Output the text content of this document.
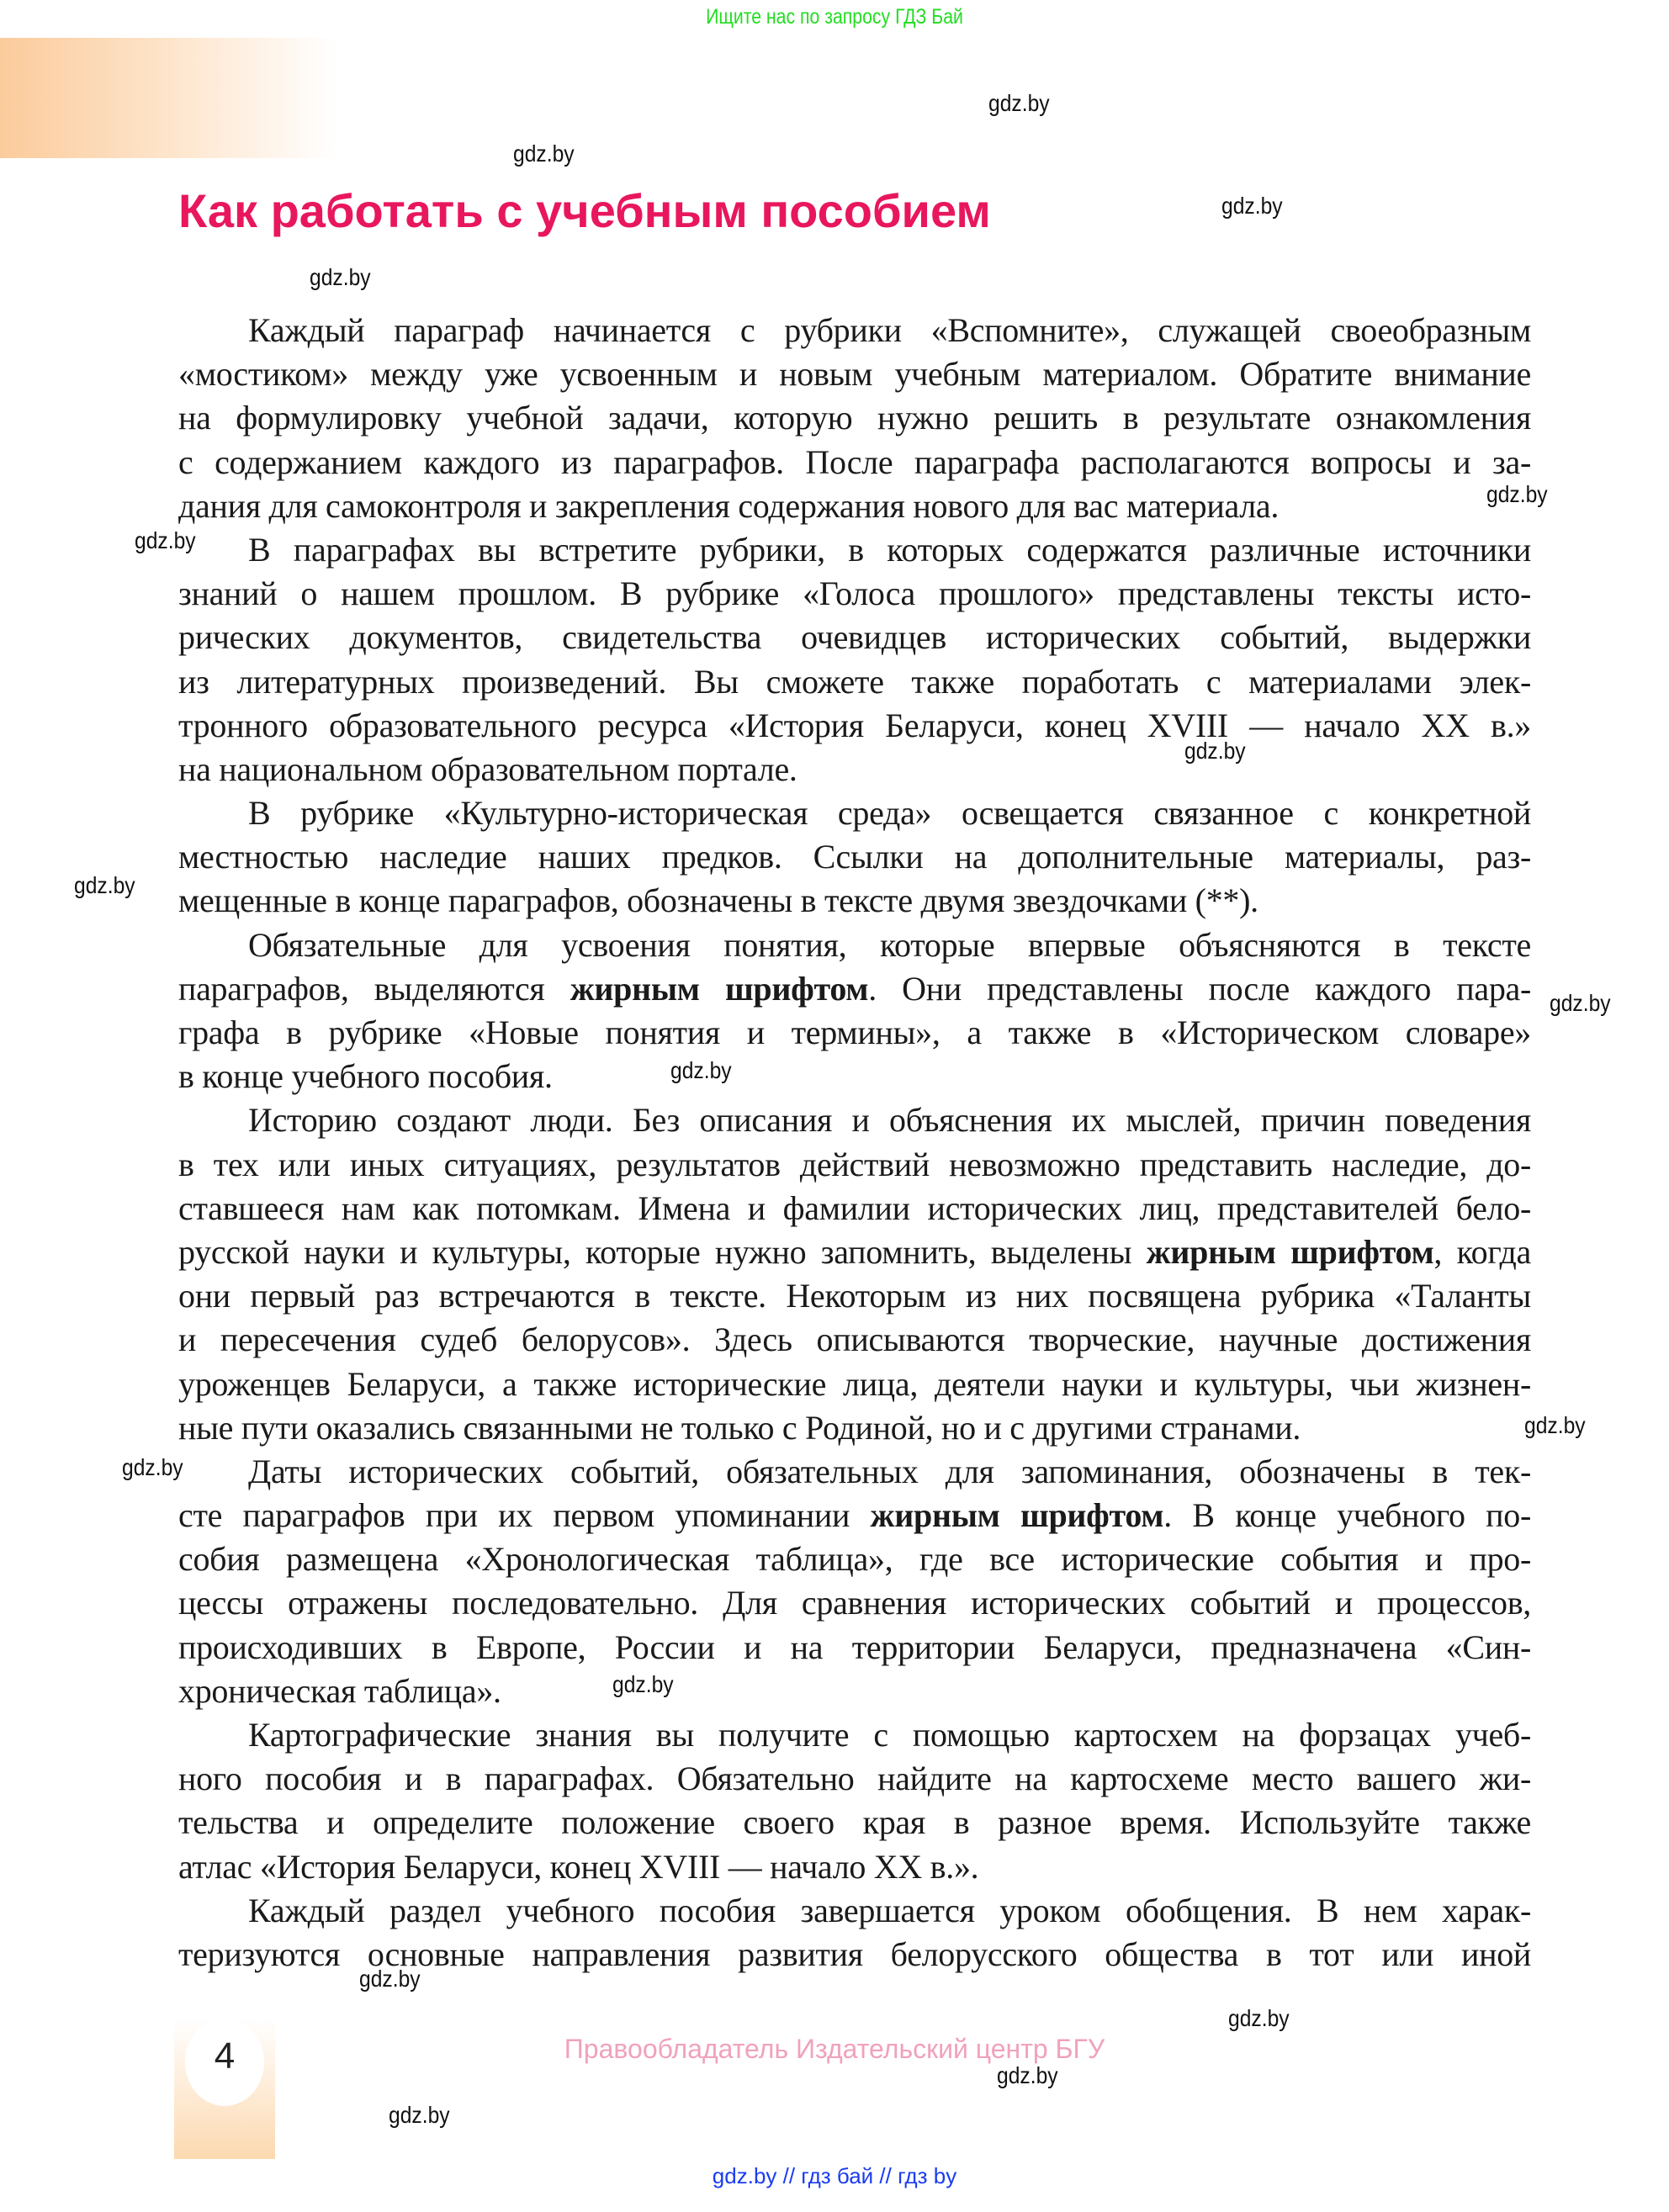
Ищите нас по запросу ГДЗ Бай
Как работать с учебным пособием
gdz.by
gdz.by
gdz.by
gdz.by
gdz.by
gdz.by
gdz.by
gdz.by
gdz.by
gdz.by
gdz.by
gdz.by
gdz.by
gdz.by
gdz.by
gdz.by
gdz.by
Каждый параграф начинается с рубрики «Вспомните», служащей своеобразным
«мостиком» между уже усвоенным и новым учебным материалом. Обратите внимание
на формулировку учебной задачи, которую нужно решить в результате ознакомления
с содержанием каждого из параграфов. После параграфа располагаются вопросы и за-
дания для самоконтроля и закрепления содержания нового для вас материала.
В параграфах вы встретите рубрики, в которых содержатся различные источники
знаний о нашем прошлом. В рубрике «Голоса прошлого» представлены тексты исто-
рических документов, свидетельства очевидцев исторических событий, выдержки
из литературных произведений. Вы сможете также поработать с материалами элек-
тронного образовательного ресурса «История Беларуси, конец XVIII — начало XX в.»
на национальном образовательном портале.
В рубрике «Культурно-историческая среда» освещается связанное с конкретной
местностью наследие наших предков. Ссылки на дополнительные материалы, раз-
мещенные в конце параграфов, обозначены в тексте двумя звездочками (**).
Обязательные для усвоения понятия, которые впервые объясняются в тексте
параграфов, выделяются жирным шрифтом. Они представлены после каждого пара-
графа в рубрике «Новые понятия и термины», а также в «Историческом словаре»
в конце учебного пособия.
Историю создают люди. Без описания и объяснения их мыслей, причин поведения
в тех или иных ситуациях, результатов действий невозможно представить наследие, до-
ставшееся нам как потомкам. Имена и фамилии исторических лиц, представителей бело-
русской науки и культуры, которые нужно запомнить, выделены жирным шрифтом, когда
они первый раз встречаются в тексте. Некоторым из них посвящена рубрика «Таланты
и пересечения судеб белорусов». Здесь описываются творческие, научные достижения
уроженцев Беларуси, а также исторические лица, деятели науки и культуры, чьи жизнен-
ные пути оказались связанными не только с Родиной, но и с другими странами.
Даты исторических событий, обязательных для запоминания, обозначены в тек-
сте параграфов при их первом упоминании жирным шрифтом. В конце учебного по-
собия размещена «Хронологическая таблица», где все исторические события и про-
цессы отражены последовательно. Для сравнения исторических событий и процессов,
происходивших в Европе, России и на территории Беларуси, предназначена «Син-
хроническая таблица».
Картографические знания вы получите с помощью картосхем на форзацах учеб-
ного пособия и в параграфах. Обязательно найдите на картосхеме место вашего жи-
тельства и определите положение своего края в разное время. Используйте также
атлас «История Беларуси, конец XVIII — начало XX в.».
Каждый раздел учебного пособия завершается уроком обобщения. В нем харак-
теризуются основные направления развития белорусского общества в тот или иной
4	Правообладатель Издательский центр БГУ
gdz.by // гдз бай // гдз by
